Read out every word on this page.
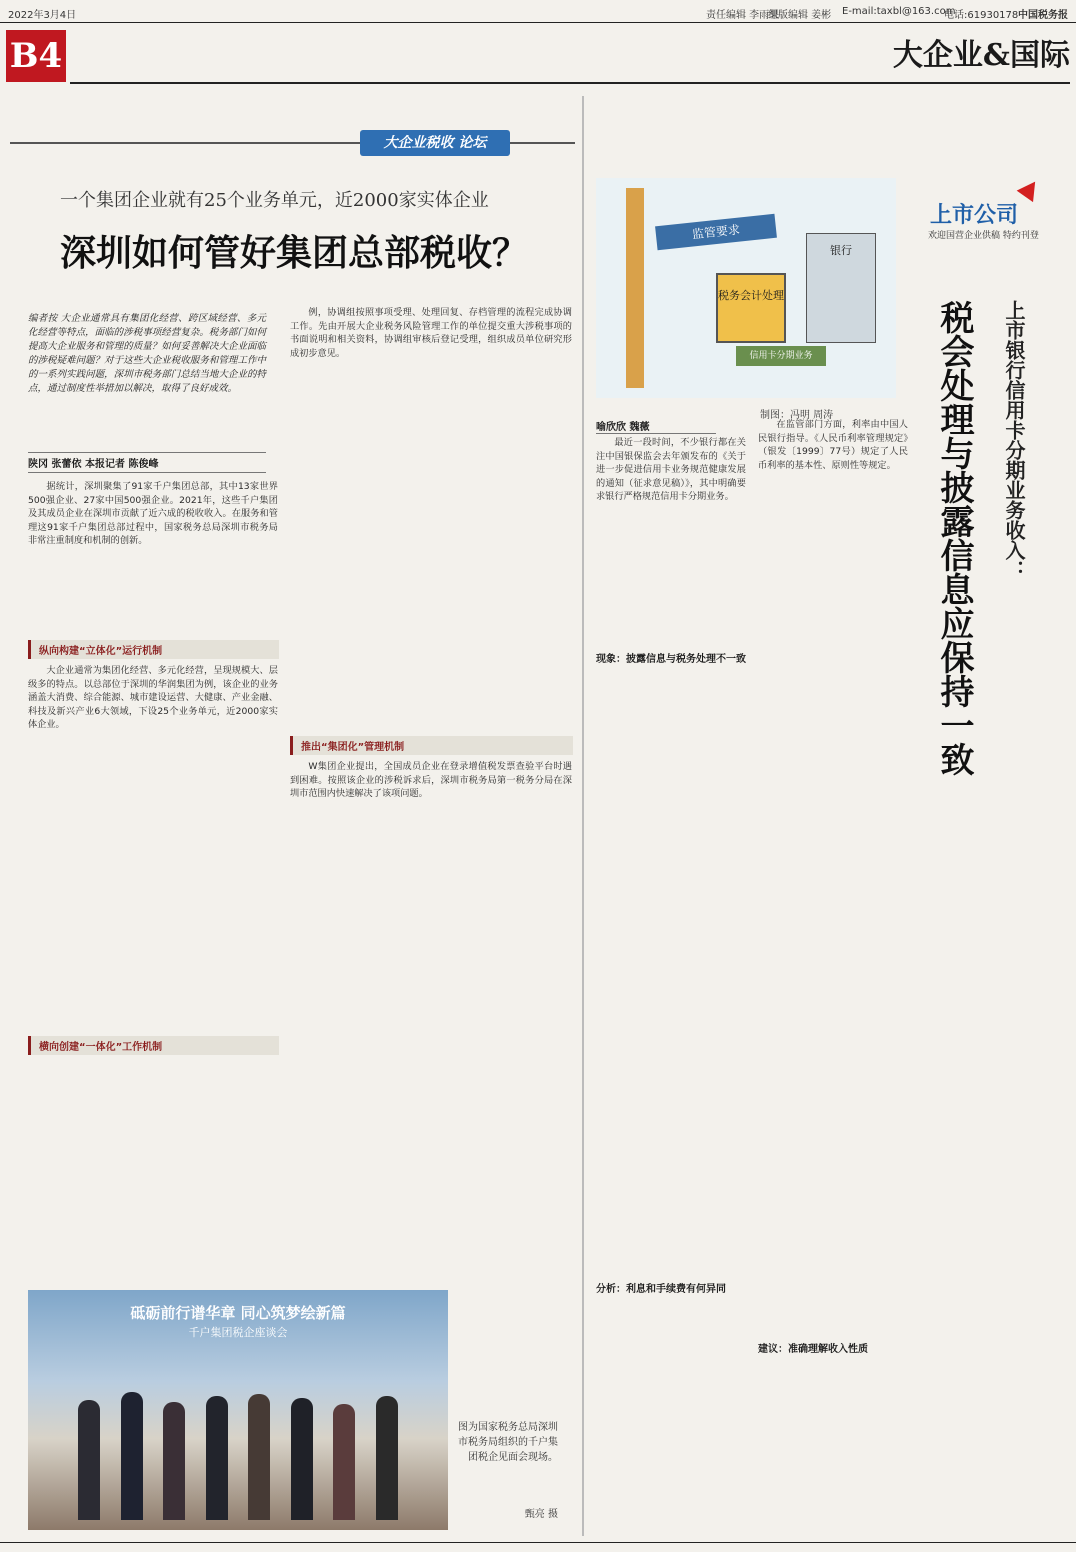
2022年3月4日	责任编辑 李雨果
组版编辑 姜彬 E-mail:taxbl@163.com
电话:61930178 中国税务报
B4	大企业&国际
大企业税收 论坛
一个集团企业就有25个业务单元，近2000家实体企业
深圳如何管好集团总部税收？
编者按 大企业通常具有集团化经营、跨区域经营、多元化经营等特点，面临的涉税事项经营复杂。税务部门如何提高大企业服务和管理的质量？如何妥善解决大企业面临的涉税疑难问题？对于这些大企业税收服务和管理工作中的一系列实践问题，深圳市税务部门总结当地大企业的特点，通过制度性举措加以解决，取得了良好成效。
陕冈 张蕾依 本报记者 陈俊峰

据统计，深圳聚集了91家千户集团总部，其中13家世界500强企业、27家中国500强企业。2021年，这些千户集团及其成员企业在深圳市贡献了近六成的税收收入。在服务和管理这91家千户集团总部过程中，国家税务总局深圳市税务局非常注重制度和机制的创新。

纵向构建“立体化”运行机制

大企业通常为集团化经营、多元化经营，呈现规模大、层级多的特点。以总部位于深圳的华润集团为例，该企业的业务涵盖大消费、综合能源、城市建设运营、大健康、产业金融、科技及新兴产业6大领域，下设25个业务单元，近2000家实体企业。

横向创建“一体化”工作机制

例，协调组按照事项受理、处理回复、存档管理的流程完成协调工作。先由开展大企业税务风险管理工作的单位提交重大涉税事项的书面说明和相关资料，协调组审核后登记受理，组织成员单位研究形成初步意见。

推出“集团化”管理机制

W集团企业提出，全国成员企业在登录增值税发票查验平台时遇到困难。按照该企业的涉税诉求后，深圳市税务局第一税务分局在深圳市范围内快速解决了该项问题。

砥砺前行谱华章 同心筑梦绘新篇
千户集团税企座谈会
图为国家税务总局深圳市税务局组织的千户集团税企见面会现场。
甄亮 摄
监管要求
税务会计处理
银行
信用卡分期业务
制图：冯明 周涛
上市公司
欢迎国营企业供稿 特约刊登
上市银行信用卡分期业务收入：
税会处理与披露信息应保持一致
喻欣欣 魏薇

最近一段时间，不少银行都在关注中国银保监会去年颁发布的《关于进一步促进信用卡业务规范健康发展的通知（征求意见稿）》，其中明确要求银行严格规范信用卡分期业务。

现象：披露信息与税务处理不一致
分析：利息和手续费有何异同

在监管部门方面，利率由中国人民银行指导。《人民币利率管理规定》（银发〔1999〕77号）规定了人民币利率的基本性、原则性等规定。

建议：准确理解收入性质
